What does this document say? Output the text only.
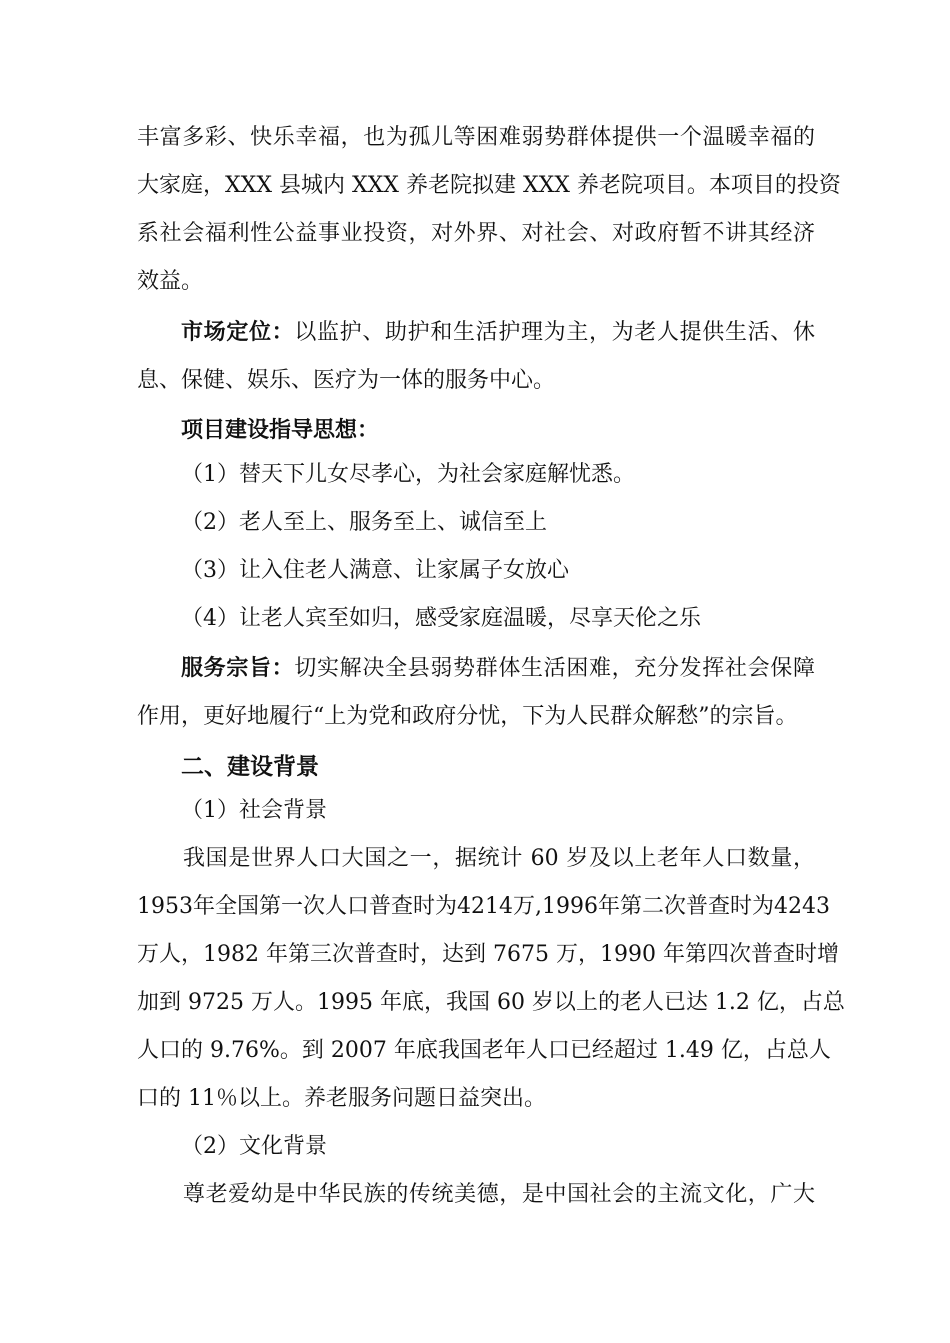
丰富多彩、快乐幸福，也为孤儿等困难弱势群体提供一个温暖幸福的
大家庭，XXX 县城内 XXX 养老院拟建 XXX 养老院项目。本项目的投资
系社会福利性公益事业投资，对外界、对社会、对政府暂不讲其经济
效益。
市场定位：以监护、助护和生活护理为主，为老人提供生活、休
息、保健、娱乐、医疗为一体的服务中心。
项目建设指导思想：
（1）替天下儿女尽孝心，为社会家庭解忧悉。
（2）老人至上、服务至上、诚信至上
（3）让入住老人满意、让家属子女放心
（4）让老人宾至如归，感受家庭温暖，尽享天伦之乐
服务宗旨：切实解决全县弱势群体生活困难，充分发挥社会保障
作用，更好地履行“上为党和政府分忧，下为人民群众解愁”的宗旨。
二、建设背景
（1）社会背景
我国是世界人口大国之一，据统计 60 岁及以上老年人口数量，
1953年全国第一次人口普查时为4214万,1996年第二次普查时为4243
万人，1982 年第三次普查时，达到 7675 万，1990 年第四次普查时增
加到 9725 万人。1995 年底，我国 60 岁以上的老人已达 1.2 亿，占总
人口的 9.76%。到 2007 年底我国老年人口已经超过 1.49 亿，占总人
口的 11％以上。养老服务问题日益突出。
（2）文化背景
尊老爱幼是中华民族的传统美德，是中国社会的主流文化，广大
